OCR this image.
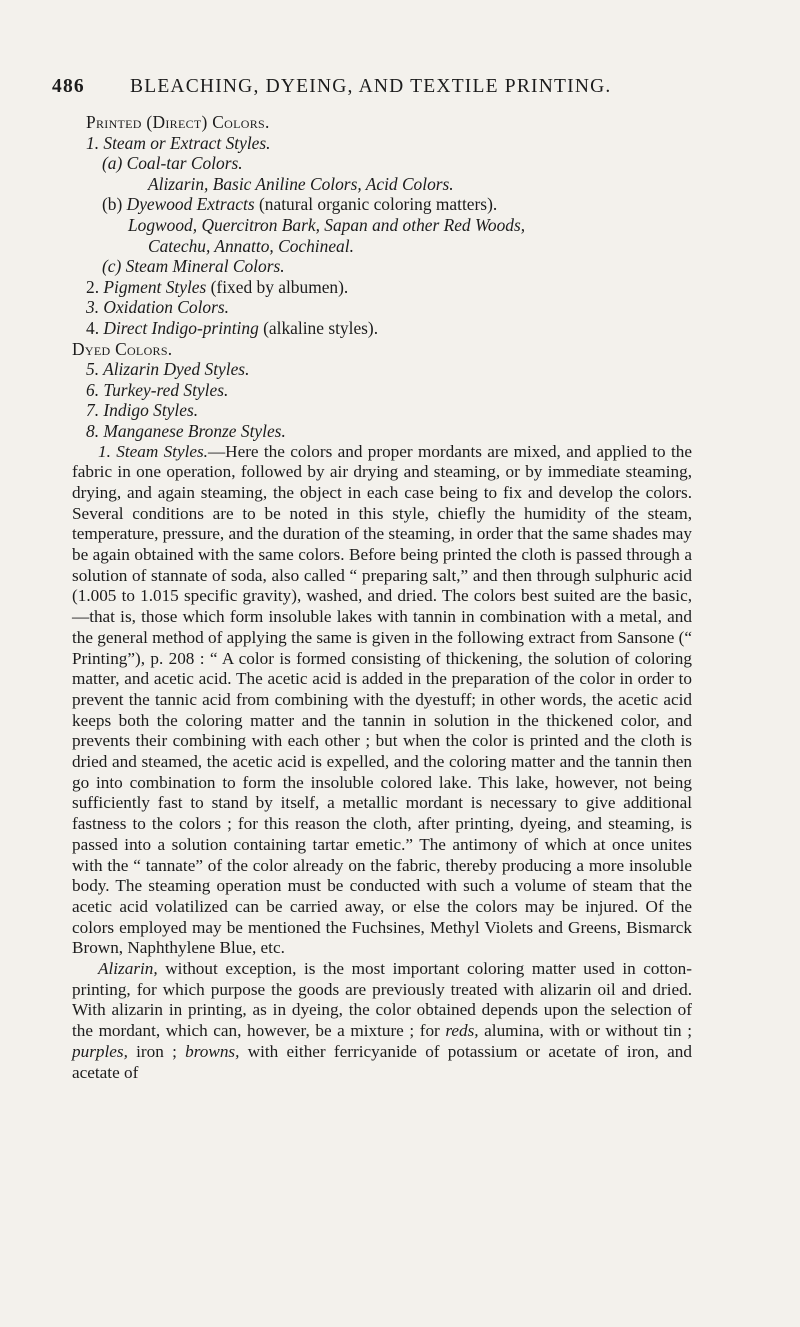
486	BLEACHING, DYEING, AND TEXTILE PRINTING.
Printed (Direct) Colors.
1. Steam or Extract Styles.
(a) Coal-tar Colors.
Alizarin, Basic Aniline Colors, Acid Colors.
(b) Dyewood Extracts (natural organic coloring matters).
Logwood, Quercitron Bark, Sapan and other Red Woods,
Catechu, Annatto, Cochineal.
(c) Steam Mineral Colors.
2. Pigment Styles (fixed by albumen).
3. Oxidation Colors.
4. Direct Indigo-printing (alkaline styles).
Dyed Colors.
5. Alizarin Dyed Styles.
6. Turkey-red Styles.
7. Indigo Styles.
8. Manganese Bronze Styles.

1. Steam Styles.—Here the colors and proper mordants are mixed, and applied to the fabric in one operation, followed by air drying and steaming, or by immediate steaming, drying, and again steaming, the object in each case being to fix and develop the colors. Several conditions are to be noted in this style, chiefly the humidity of the steam, temperature, pressure, and the duration of the steaming, in order that the same shades may be again obtained with the same colors. Before being printed the cloth is passed through a solution of stannate of soda, also called “ preparing salt,” and then through sulphuric acid (1.005 to 1.015 specific gravity), washed, and dried. The colors best suited are the basic,—that is, those which form insoluble lakes with tannin in combination with a metal, and the general method of applying the same is given in the following extract from Sansone (“ Printing”), p. 208 : “ A color is formed consisting of thickening, the solution of coloring matter, and acetic acid. The acetic acid is added in the preparation of the color in order to prevent the tannic acid from combining with the dyestuff; in other words, the acetic acid keeps both the coloring matter and the tannin in solution in the thickened color, and prevents their combining with each other ; but when the color is printed and the cloth is dried and steamed, the acetic acid is expelled, and the coloring matter and the tannin then go into combination to form the insoluble colored lake. This lake, however, not being sufficiently fast to stand by itself, a metallic mordant is necessary to give additional fastness to the colors ; for this reason the cloth, after printing, dyeing, and steaming, is passed into a solution containing tartar emetic.” The antimony of which at once unites with the “ tannate” of the color already on the fabric, thereby producing a more insoluble body. The steaming operation must be conducted with such a volume of steam that the acetic acid volatilized can be carried away, or else the colors may be injured. Of the colors employed may be mentioned the Fuchsines, Methyl Violets and Greens, Bismarck Brown, Naphthylene Blue, etc.

Alizarin, without exception, is the most important coloring matter used in cotton-printing, for which purpose the goods are previously treated with alizarin oil and dried. With alizarin in printing, as in dyeing, the color obtained depends upon the selection of the mordant, which can, however, be a mixture ; for reds, alumina, with or without tin ; purples, iron ; browns, with either ferricyanide of potassium or acetate of iron, and acetate of
